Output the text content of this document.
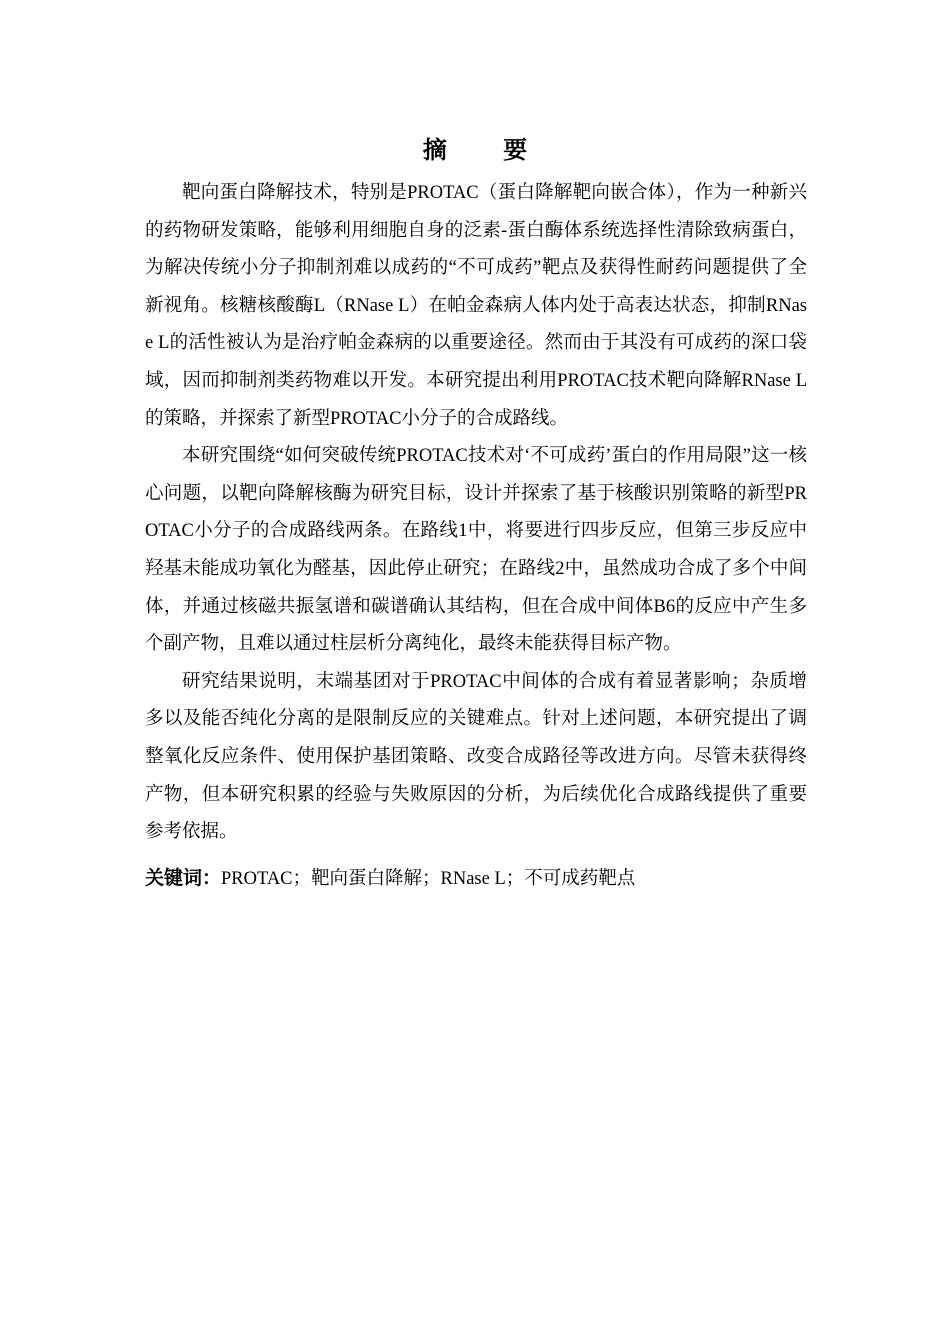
摘 要

靶向蛋白降解技术，特别是PROTAC（蛋白降解靶向嵌合体），作为一种新兴的药物研发策略，能够利用细胞自身的泛素-蛋白酶体系统选择性清除致病蛋白，为解决传统小分子抑制剂难以成药的“不可成药”靶点及获得性耐药问题提供了全新视角。核糖核酸酶L（RNase L）在帕金森病人体内处于高表达状态，抑制RNase L的活性被认为是治疗帕金森病的以重要途径。然而由于其没有可成药的深口袋域，因而抑制剂类药物难以开发。本研究提出利用PROTAC技术靶向降解RNase L的策略，并探索了新型PROTAC小分子的合成路线。

本研究围绕“如何突破传统PROTAC技术对‘不可成药’蛋白的作用局限”这一核心问题，以靶向降解核酶为研究目标，设计并探索了基于核酸识别策略的新型PROTAC小分子的合成路线两条。在路线1中，将要进行四步反应，但第三步反应中羟基未能成功氧化为醛基，因此停止研究；在路线2中，虽然成功合成了多个中间体，并通过核磁共振氢谱和碳谱确认其结构，但在合成中间体B6的反应中产生多个副产物，且难以通过柱层析分离纯化，最终未能获得目标产物。

研究结果说明，末端基团对于PROTAC中间体的合成有着显著影响；杂质增多以及能否纯化分离的是限制反应的关键难点。针对上述问题，本研究提出了调整氧化反应条件、使用保护基团策略、改变合成路径等改进方向。尽管未获得终产物，但本研究积累的经验与失败原因的分析，为后续优化合成路线提供了重要参考依据。

关键词：PROTAC；靶向蛋白降解；RNase L；不可成药靶点
